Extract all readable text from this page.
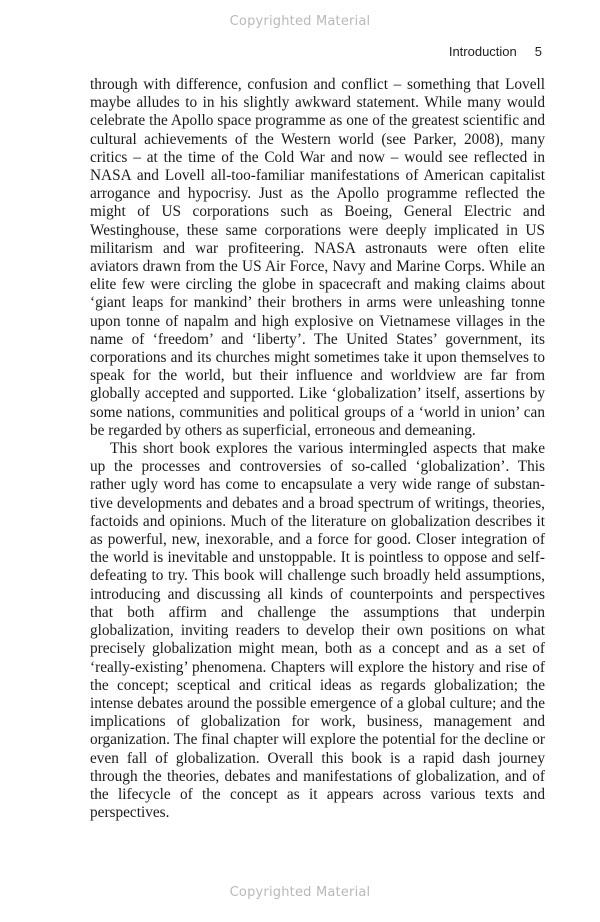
Copyrighted Material
Introduction 5

through with difference, confusion and conflict – something that Lovell maybe alludes to in his slightly awkward statement. While many would celebrate the Apollo space programme as one of the greatest scientific and cultural achievements of the Western world (see Parker, 2008), many critics – at the time of the Cold War and now – would see reflected in NASA and Lovell all-too-familiar manifestations of American capitalist arrogance and hypocrisy. Just as the Apollo programme reflected the might of US corporations such as Boeing, General Electric and Westinghouse, these same corporations were deeply implicated in US militarism and war profiteering. NASA astronauts were often elite aviators drawn from the US Air Force, Navy and Marine Corps. While an elite few were circling the globe in spacecraft and making claims about ‘giant leaps for mankind’ their brothers in arms were unleashing tonne upon tonne of napalm and high explosive on Vietnamese villages in the name of ‘freedom’ and ‘liberty’. The United States’ government, its corporations and its churches might sometimes take it upon themselves to speak for the world, but their influence and worldview are far from globally accepted and supported. Like ‘globalization’ itself, assertions by some nations, communities and political groups of a ‘world in union’ can be regarded by others as superficial, erroneous and demeaning.

This short book explores the various intermingled aspects that make up the processes and controversies of so-called ‘globalization’. This rather ugly word has come to encapsulate a very wide range of substantive developments and debates and a broad spectrum of writings, theories, factoids and opinions. Much of the literature on globalization describes it as powerful, new, inexorable, and a force for good. Closer integration of the world is inevitable and unstoppable. It is pointless to oppose and self-defeating to try. This book will challenge such broadly held assumptions, introducing and discussing all kinds of counterpoints and perspectives that both affirm and challenge the assumptions that underpin globalization, inviting readers to develop their own positions on what precisely globalization might mean, both as a concept and as a set of ‘really-existing’ phenomena. Chapters will explore the history and rise of the concept; sceptical and critical ideas as regards globalization; the intense debates around the possible emergence of a global culture; and the implications of globalization for work, business, management and organization. The final chapter will explore the potential for the decline or even fall of globalization. Overall this book is a rapid dash journey through the theories, debates and manifestations of globalization, and of the lifecycle of the concept as it appears across various texts and perspectives.

Copyrighted Material
